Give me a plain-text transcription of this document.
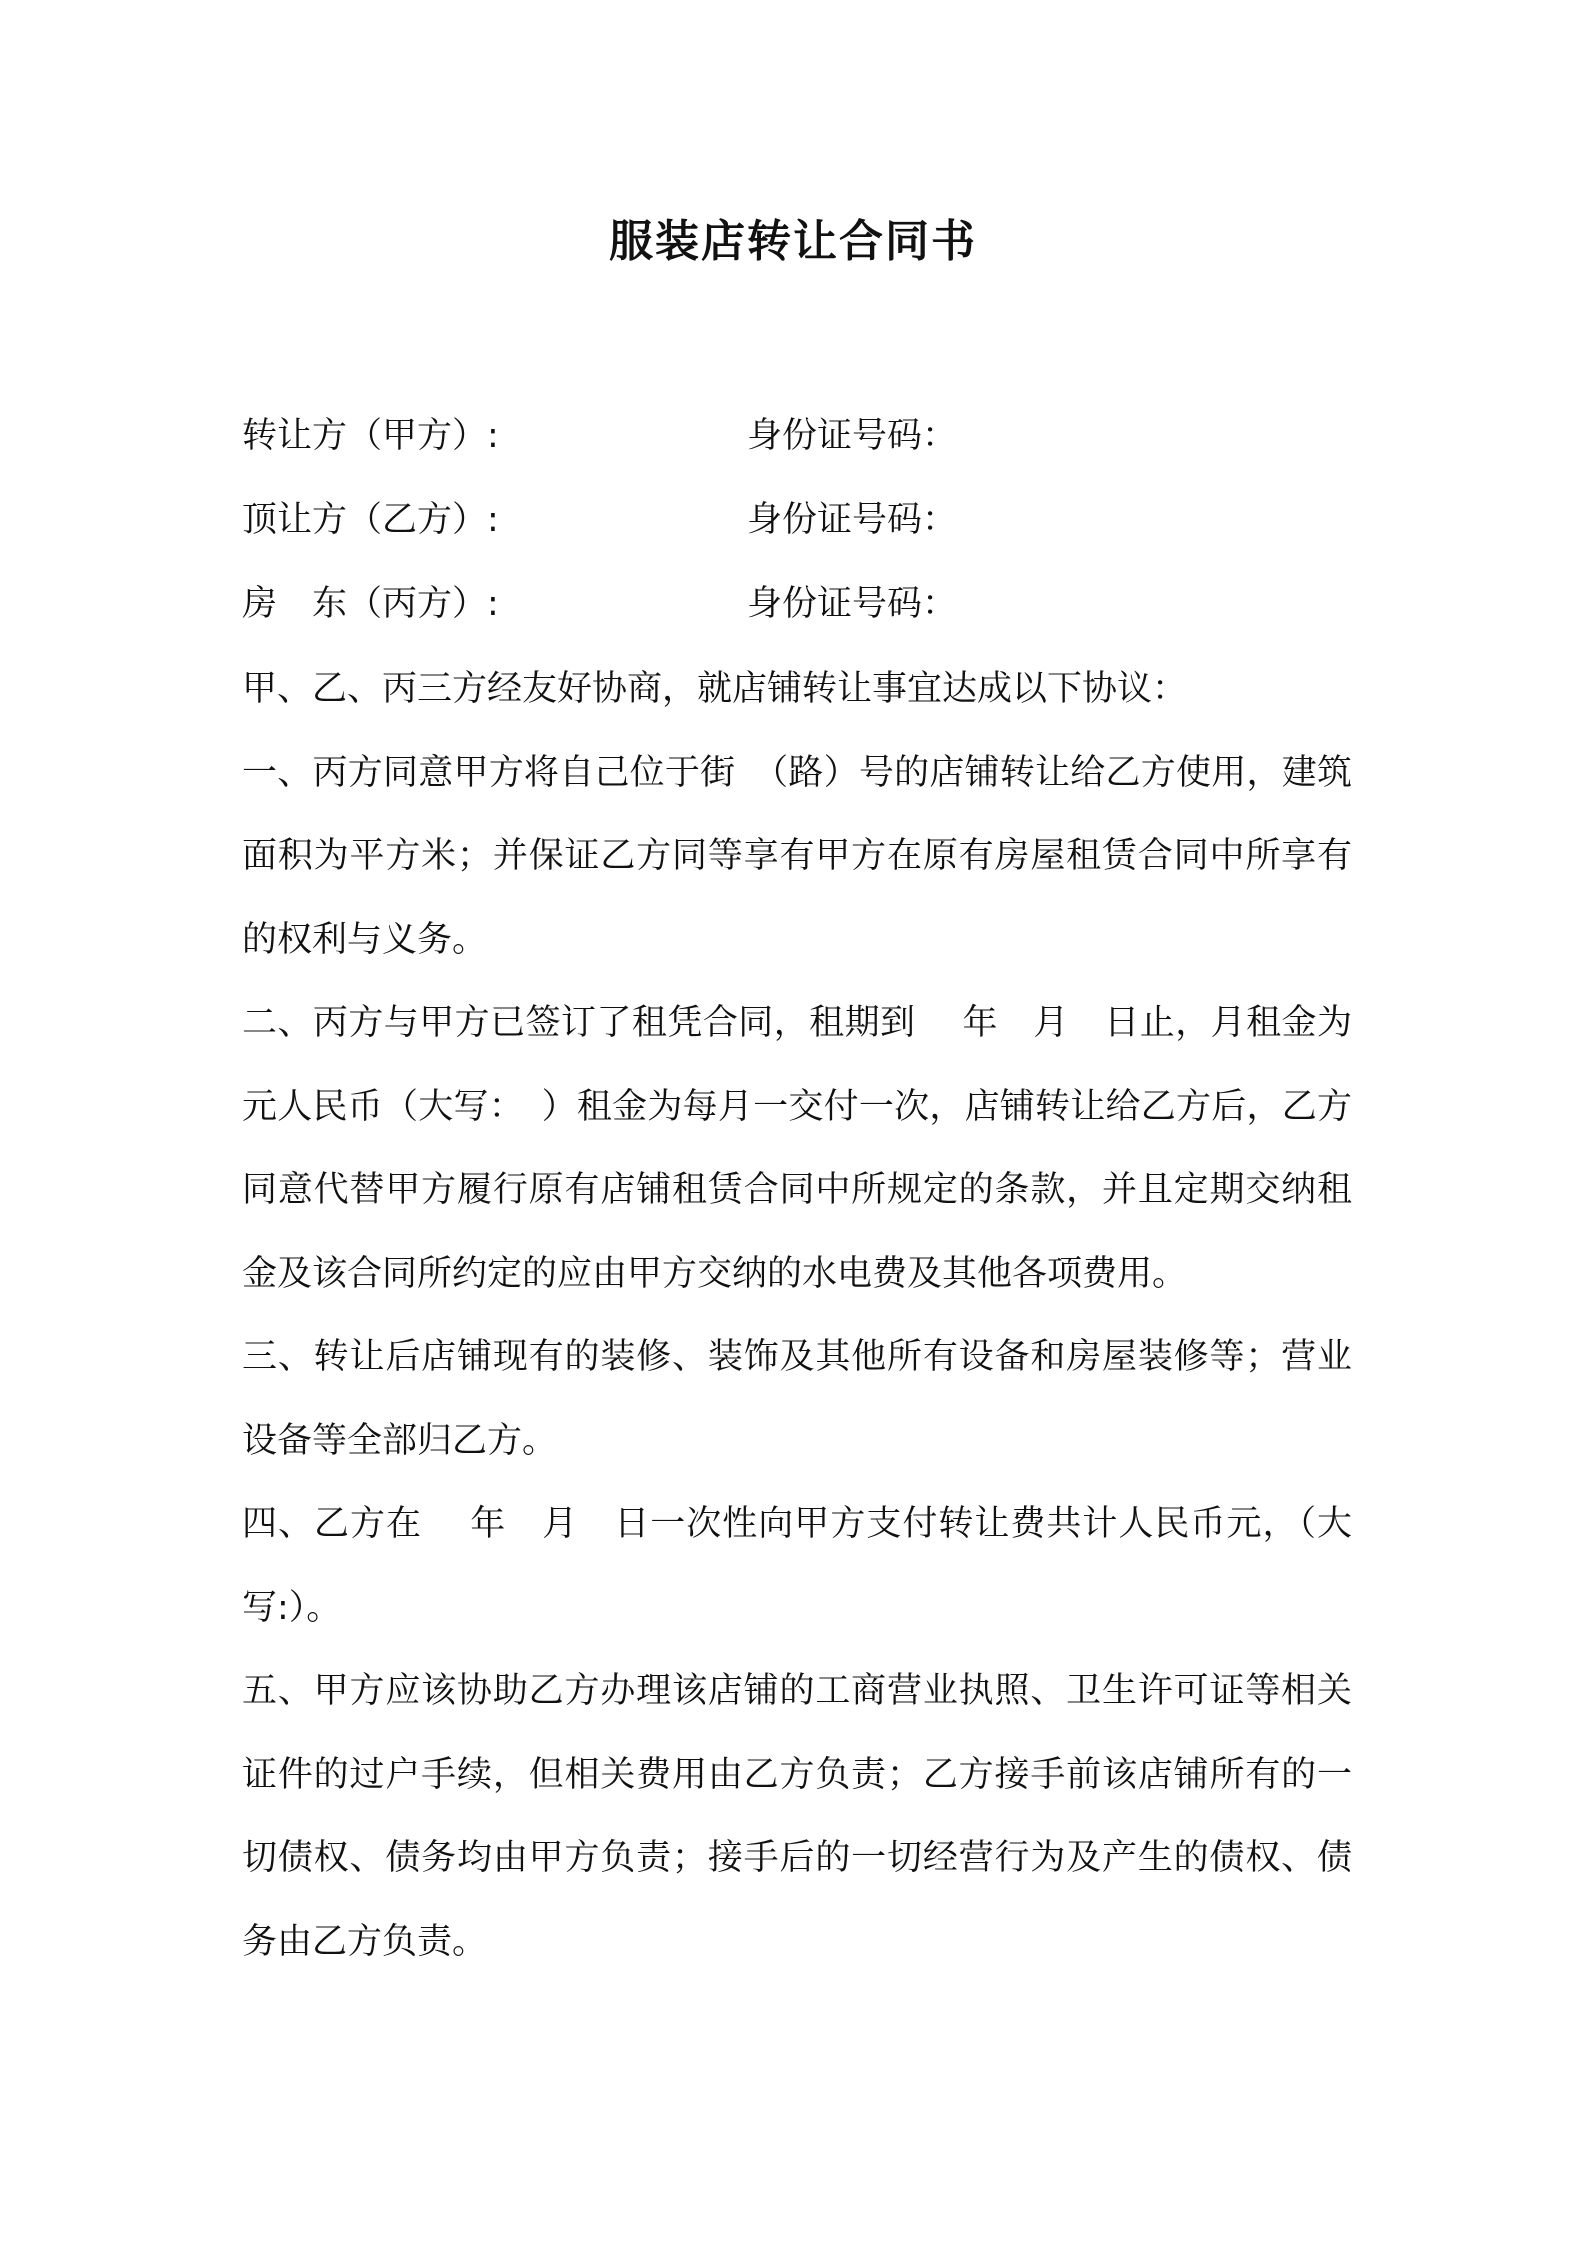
服装店转让合同书
转让方（甲方）:	身份证号码：
顶让方（乙方）:	身份证号码：
房　东（丙方）:	身份证号码：

甲、乙、丙三方经友好协商，就店铺转让事宜达成以下协议：

一、丙方同意甲方将自己位于街　（路）号的店铺转让给乙方使用，建筑面积为平方米；并保证乙方同等享有甲方在原有房屋租赁合同中所享有的权利与义务。

二、丙方与甲方已签订了租凭合同，租期到　 年　月　日止，月租金为元人民币（大写：　）租金为每月一交付一次，店铺转让给乙方后，乙方同意代替甲方履行原有店铺租赁合同中所规定的条款，并且定期交纳租金及该合同所约定的应由甲方交纳的水电费及其他各项费用。

三、转让后店铺现有的装修、装饰及其他所有设备和房屋装修等；营业设备等全部归乙方。

四、乙方在　 年　月　日一次性向甲方支付转让费共计人民币元，（大写:）。

五、甲方应该协助乙方办理该店铺的工商营业执照、卫生许可证等相关证件的过户手续，但相关费用由乙方负责；乙方接手前该店铺所有的一切债权、债务均由甲方负责；接手后的一切经营行为及产生的债权、债务由乙方负责。
